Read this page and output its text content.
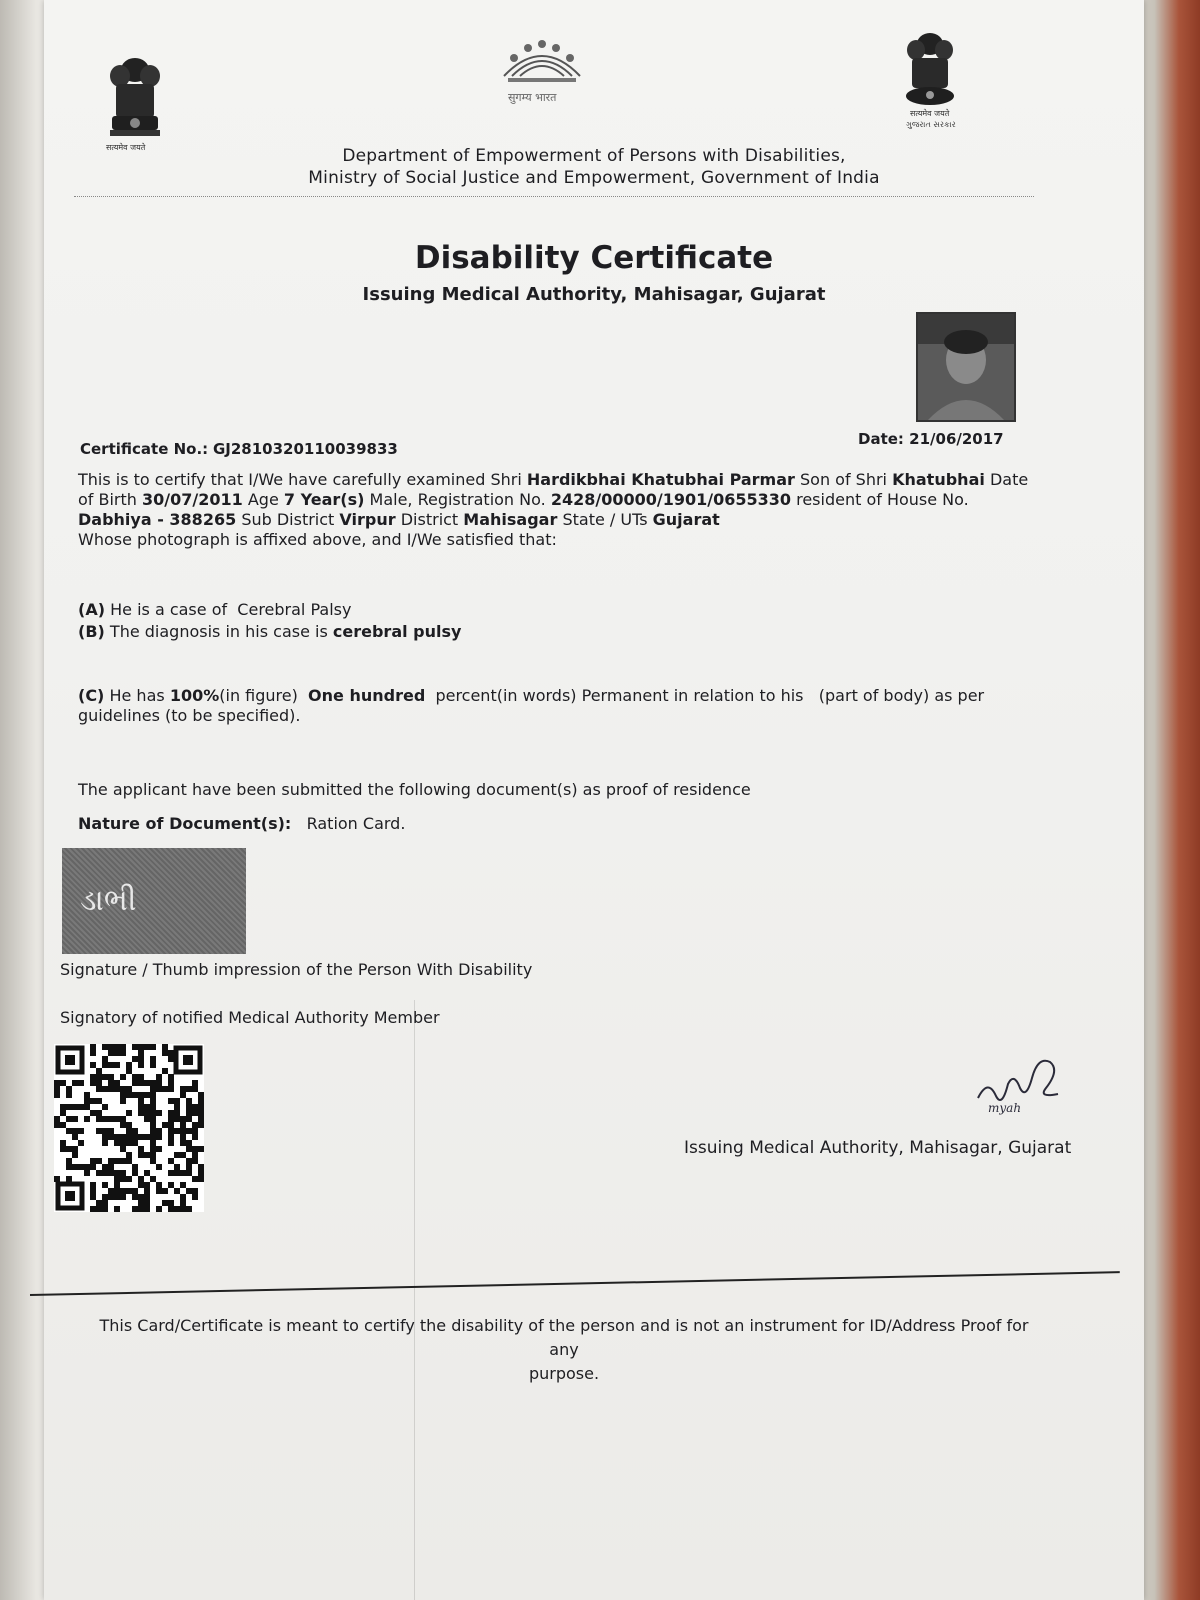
सत्यमेव जयते
सुगम्य भारत
सत्यमेव जयते
ગુજરાત સરકાર
Department of Empowerment of Persons with Disabilities,
Ministry of Social Justice and Empowerment, Government of India
Disability Certificate
Issuing Medical Authority, Mahisagar, Gujarat
Certificate No.: GJ2810320110039833
Date: 21/06/2017
This is to certify that I/We have carefully examined Shri Hardikbhai Khatubhai Parmar Son of Shri Khatubhai Date of Birth 30/07/2011 Age 7 Year(s) Male, Registration No. 2428/00000/1901/0655330 resident of House No. Dabhiya - 388265 Sub District Virpur District Mahisagar State / UTs Gujarat
Whose photograph is affixed above, and I/We satisfied that:
(A) He is a case of Cerebral Palsy
(B) The diagnosis in his case is cerebral pulsy
(C) He has 100%(in figure) One hundred percent(in words) Permanent in relation to his (part of body) as per
guidelines (to be specified).
The applicant have been submitted the following document(s) as proof of residence
Nature of Document(s): Ration Card.
ડાભી
Signature / Thumb impression of the Person With Disability
Signatory of notified Medical Authority Member
myah
Issuing Medical Authority, Mahisagar, Gujarat
This Card/Certificate is meant to certify the disability of the person and is not an instrument for ID/Address Proof for any
purpose.
